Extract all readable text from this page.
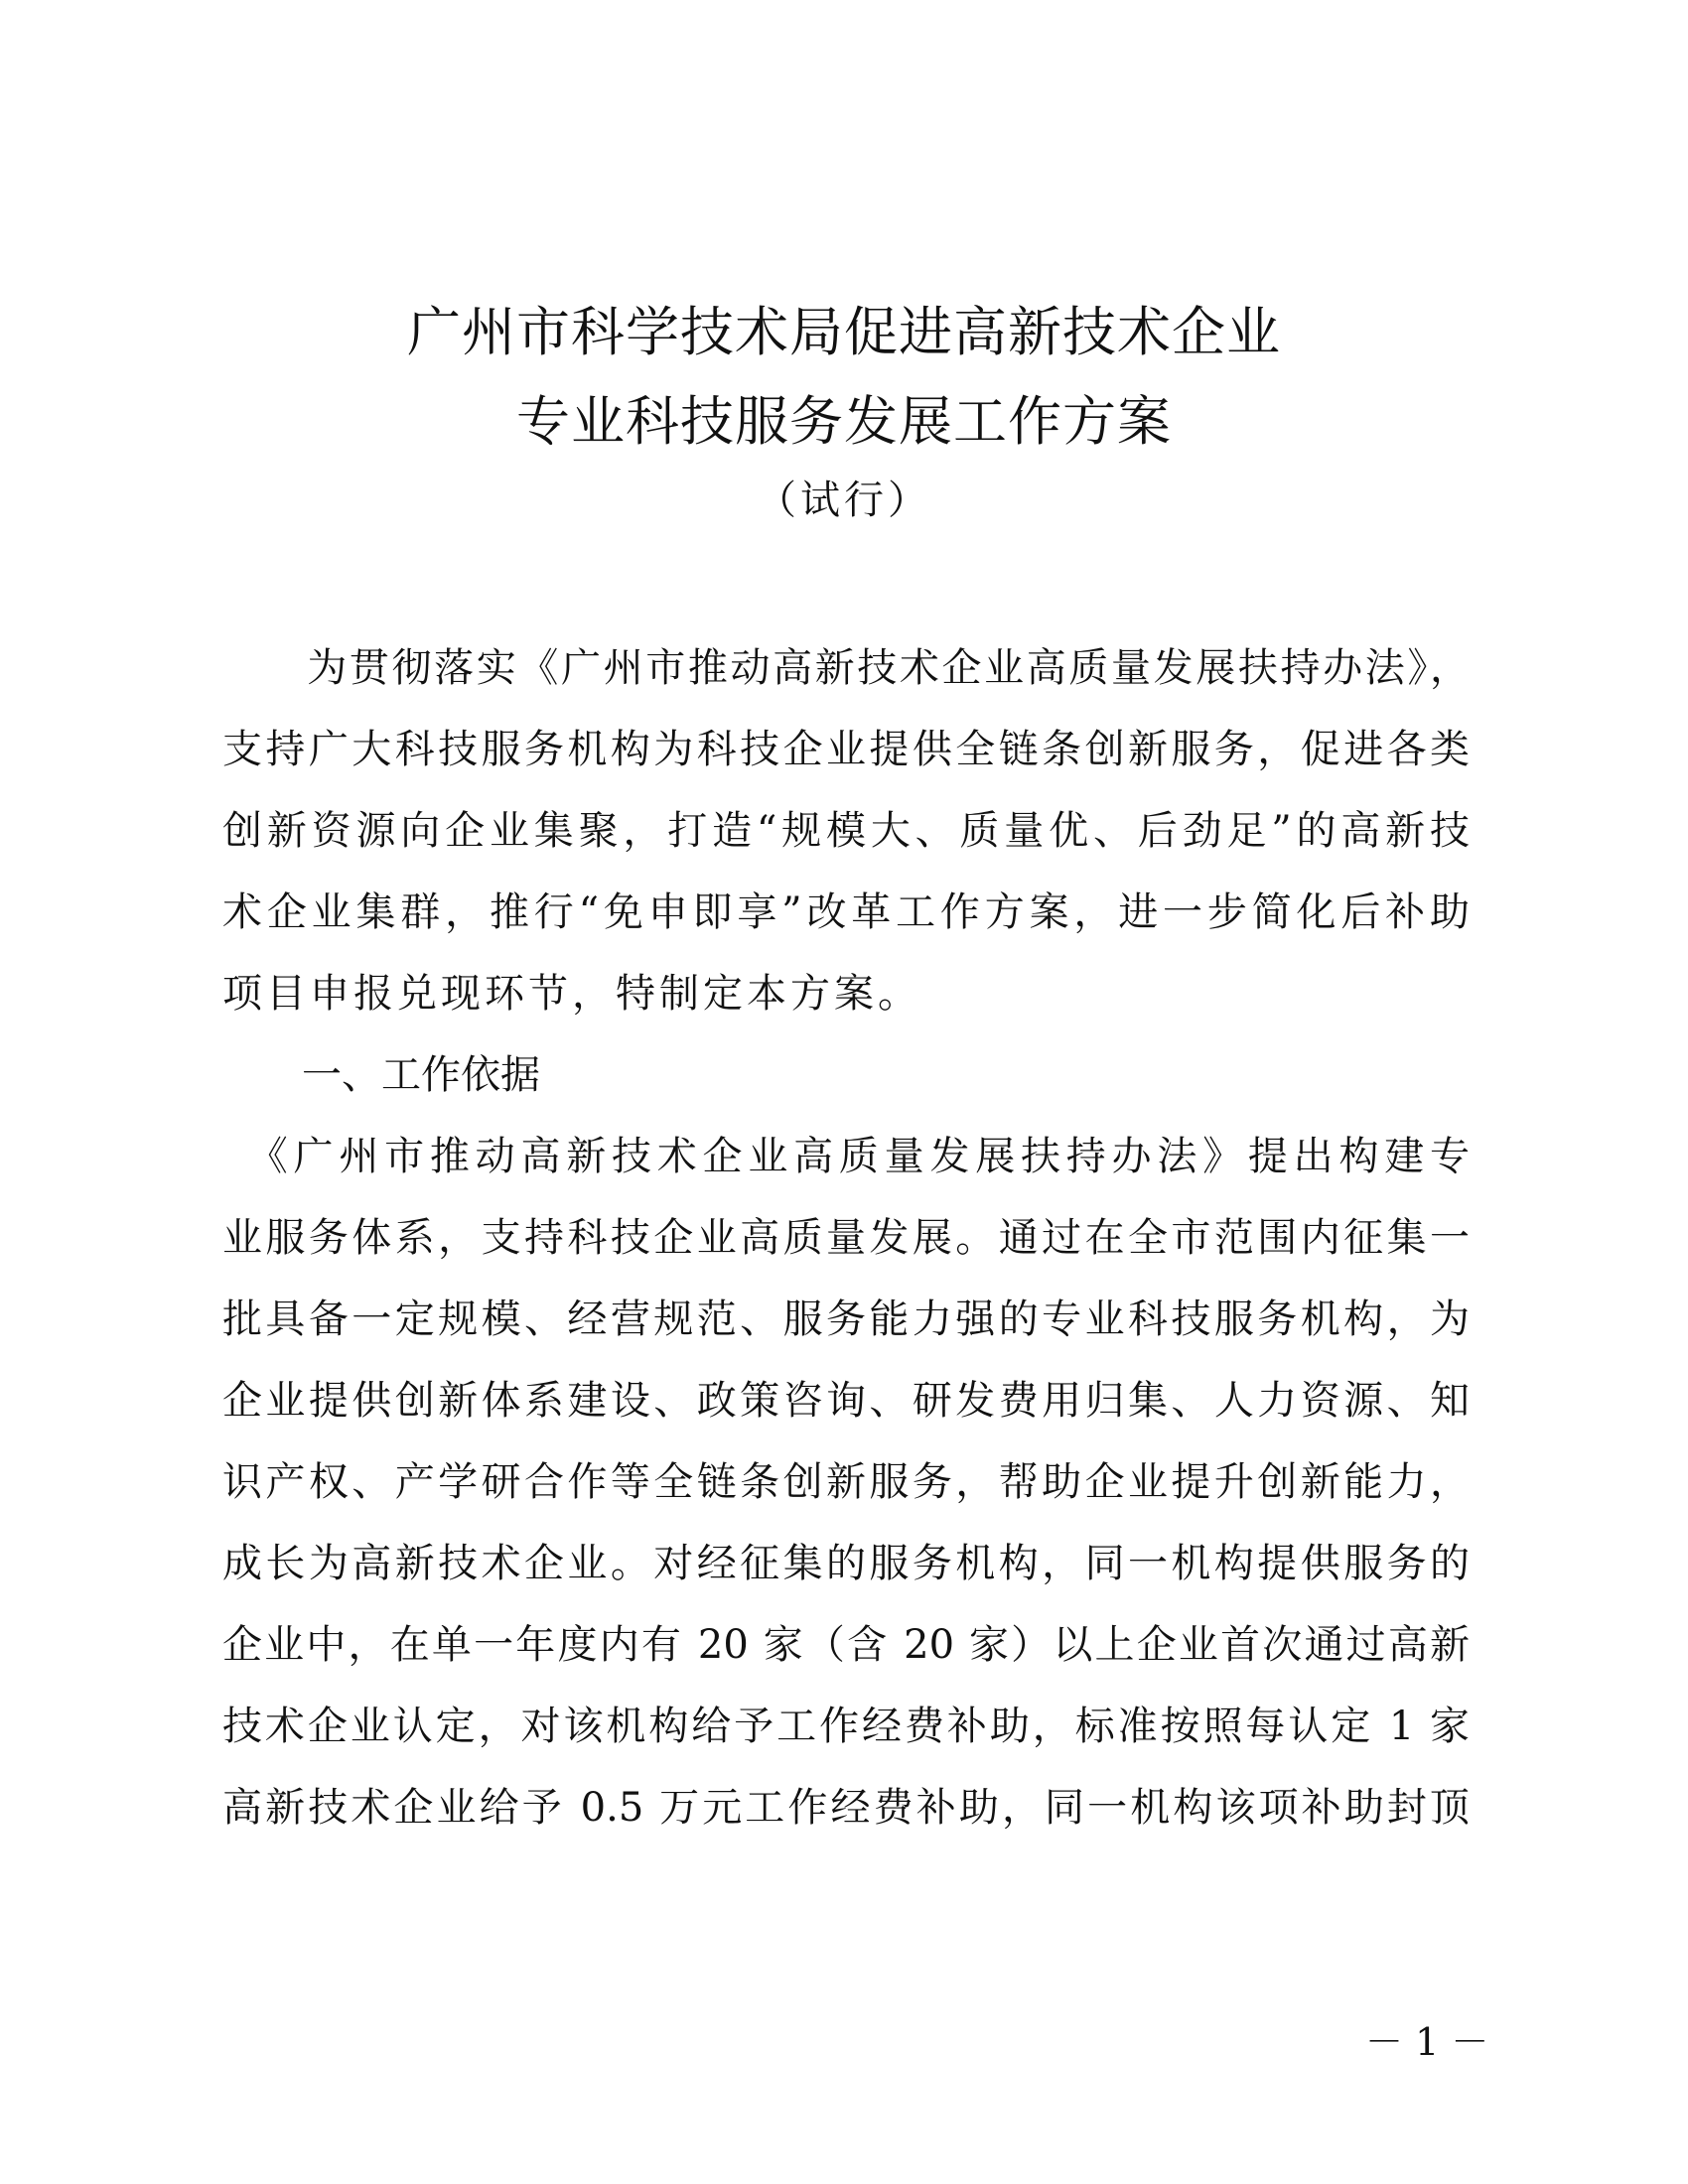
广州市科学技术局促进高新技术企业
专业科技服务发展工作方案
（试行）
　　为贯彻落实《广州市推动高新技术企业高质量发展扶持办法》，
支持广大科技服务机构为科技企业提供全链条创新服务，促进各类
创新资源向企业集聚，打造“规模大、质量优、后劲足”的高新技
术企业集群，推行“免申即享”改革工作方案，进一步简化后补助
项目申报兑现环节，特制定本方案。
一、工作依据
　《广州市推动高新技术企业高质量发展扶持办法》提出构建专
业服务体系，支持科技企业高质量发展。通过在全市范围内征集一
批具备一定规模、经营规范、服务能力强的专业科技服务机构，为
企业提供创新体系建设、政策咨询、研发费用归集、人力资源、知
识产权、产学研合作等全链条创新服务，帮助企业提升创新能力，
成长为高新技术企业。对经征集的服务机构，同一机构提供服务的
企业中，在单一年度内有 20 家（含 20 家）以上企业首次通过高新
技术企业认定，对该机构给予工作经费补助，标准按照每认定 1 家
高新技术企业给予 0.5 万元工作经费补助，同一机构该项补助封顶
－ 1 －
